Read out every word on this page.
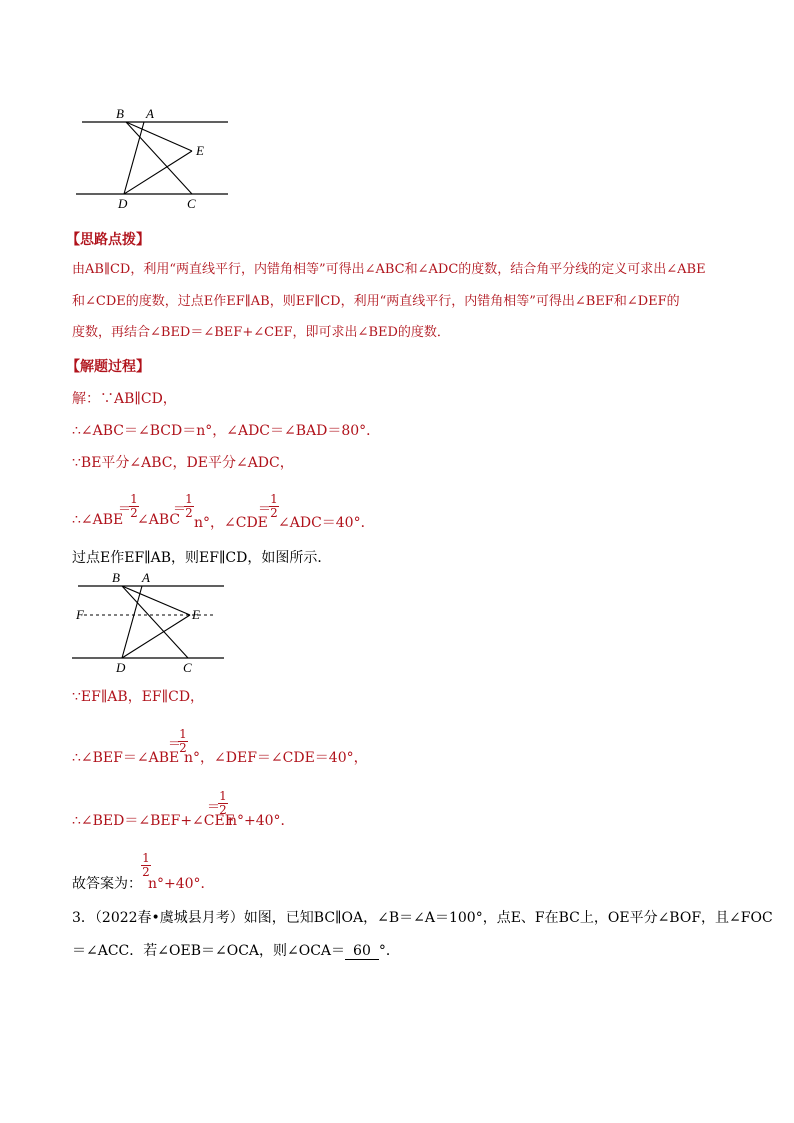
B A
E
D	C
【思路点拨】
由AB∥CD，利用“两直线平行，内错角相等”可得出∠ABC和∠ADC的度数，结合角平分线的定义可求出∠ABE
和∠CDE的度数，过点E作EF∥AB，则EF∥CD，利用“两直线平行，内错角相等”可得出∠BEF和∠DEF的
度数，再结合∠BED＝∠BEF+∠CEF，即可求出∠BED的度数．
【解题过程】
解：∵AB∥CD，
∴∠ABC＝∠BCD＝n°，∠ADC＝∠BAD＝80°．
∵BE平分∠ABC，DE平分∠ADC，
∴∠ABE
＝
1
2 ∠ABC
＝
1
2
n°，∠CDE
＝
1
2
∠ADC＝40°．
过点E作EF∥AB，则EF∥CD，如图所示．
B A
F	E
D	C
∵EF∥AB，EF∥CD，
∴∠BEF＝∠ABE
＝
1
2
n°，∠DEF＝∠CDE＝40°，
∴∠BED＝∠BEF+∠CEF
＝
1
2
n°+40°．
故答案为：
1
2
n°+40°．
3．（2022春•虞城县月考）如图，已知BC∥OA，∠B＝∠A＝100°，点E、F在BC上，OE平分∠BOF，且∠FOC
＝∠ACC．若∠OEB＝∠OCA，则∠OCA＝ 60 °．
